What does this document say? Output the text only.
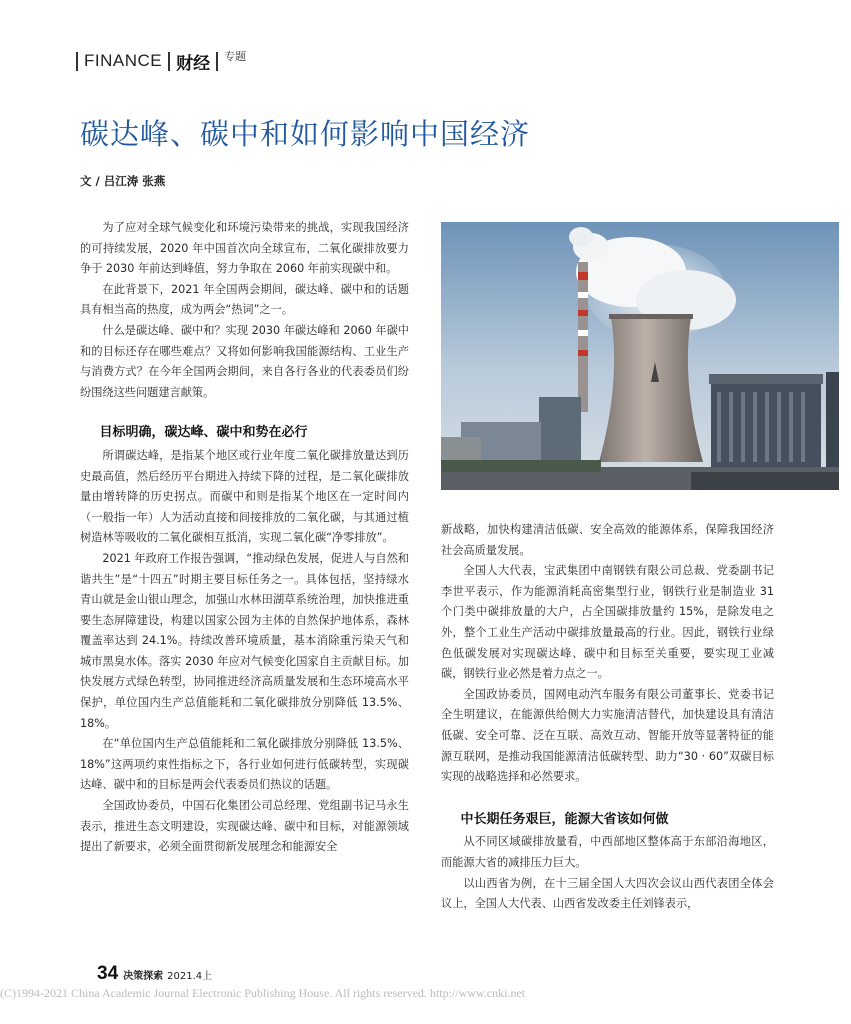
FINANCE 财经 专题
碳达峰、碳中和如何影响中国经济
文 / 吕江涛 张燕

为了应对全球气候变化和环境污染带来的挑战，实现我国经济的可持续发展，2020 年中国首次向全球宣布，二氧化碳排放要力争于 2030 年前达到峰值，努力争取在 2060 年前实现碳中和。

在此背景下，2021 年全国两会期间，碳达峰、碳中和的话题具有相当高的热度，成为两会“热词”之一。

什么是碳达峰、碳中和？实现 2030 年碳达峰和 2060 年碳中和的目标还存在哪些难点？又将如何影响我国能源结构、工业生产与消费方式？在今年全国两会期间，来自各行各业的代表委员们纷纷围绕这些问题建言献策。

目标明确，碳达峰、碳中和势在必行

所谓碳达峰，是指某个地区或行业年度二氧化碳排放量达到历史最高值，然后经历平台期进入持续下降的过程，是二氧化碳排放量由增转降的历史拐点。而碳中和则是指某个地区在一定时间内（一般指一年）人为活动直接和间接排放的二氧化碳，与其通过植树造林等吸收的二氧化碳相互抵消，实现二氧化碳“净零排放”。

2021 年政府工作报告强调，“推动绿色发展，促进人与自然和谐共生”是“十四五”时期主要目标任务之一。具体包括，坚持绿水青山就是金山银山理念，加强山水林田湖草系统治理，加快推进重要生态屏障建设，构建以国家公园为主体的自然保护地体系，森林覆盖率达到 24.1%。持续改善环境质量，基本消除重污染天气和城市黑臭水体。落实 2030 年应对气候变化国家自主贡献目标。加快发展方式绿色转型，协同推进经济高质量发展和生态环境高水平保护，单位国内生产总值能耗和二氧化碳排放分别降低 13.5%、18%。

在“单位国内生产总值能耗和二氧化碳排放分别降低 13.5%、18%”这两项约束性指标之下，各行业如何进行低碳转型，实现碳达峰、碳中和的目标是两会代表委员们热议的话题。

全国政协委员，中国石化集团公司总经理、党组副书记马永生表示，推进生态文明建设，实现碳达峰、碳中和目标，对能源领域提出了新要求，必须全面贯彻新发展理念和能源安全

新战略，加快构建清洁低碳、安全高效的能源体系，保障我国经济社会高质量发展。

全国人大代表，宝武集团中南钢铁有限公司总裁、党委副书记李世平表示，作为能源消耗高密集型行业，钢铁行业是制造业 31 个门类中碳排放量的大户，占全国碳排放量约 15%，是除发电之外，整个工业生产活动中碳排放量最高的行业。因此，钢铁行业绿色低碳发展对实现碳达峰、碳中和目标至关重要，要实现工业减碳，钢铁行业必然是着力点之一。

全国政协委员，国网电动汽车服务有限公司董事长、党委书记全生明建议，在能源供给侧大力实施清洁替代，加快建设具有清洁低碳、安全可靠、泛在互联、高效互动、智能开放等显著特征的能源互联网，是推动我国能源清洁低碳转型、助力“30 · 60”双碳目标实现的战略选择和必然要求。

中长期任务艰巨，能源大省该如何做

从不同区域碳排放量看，中西部地区整体高于东部沿海地区，而能源大省的减排压力巨大。

以山西省为例，在十三届全国人大四次会议山西代表团全体会议上，全国人大代表、山西省发改委主任刘锋表示，

34 决策探索 2021.4上
(C)1994-2021 China Academic Journal Electronic Publishing House. All rights reserved. http://www.cnki.net
